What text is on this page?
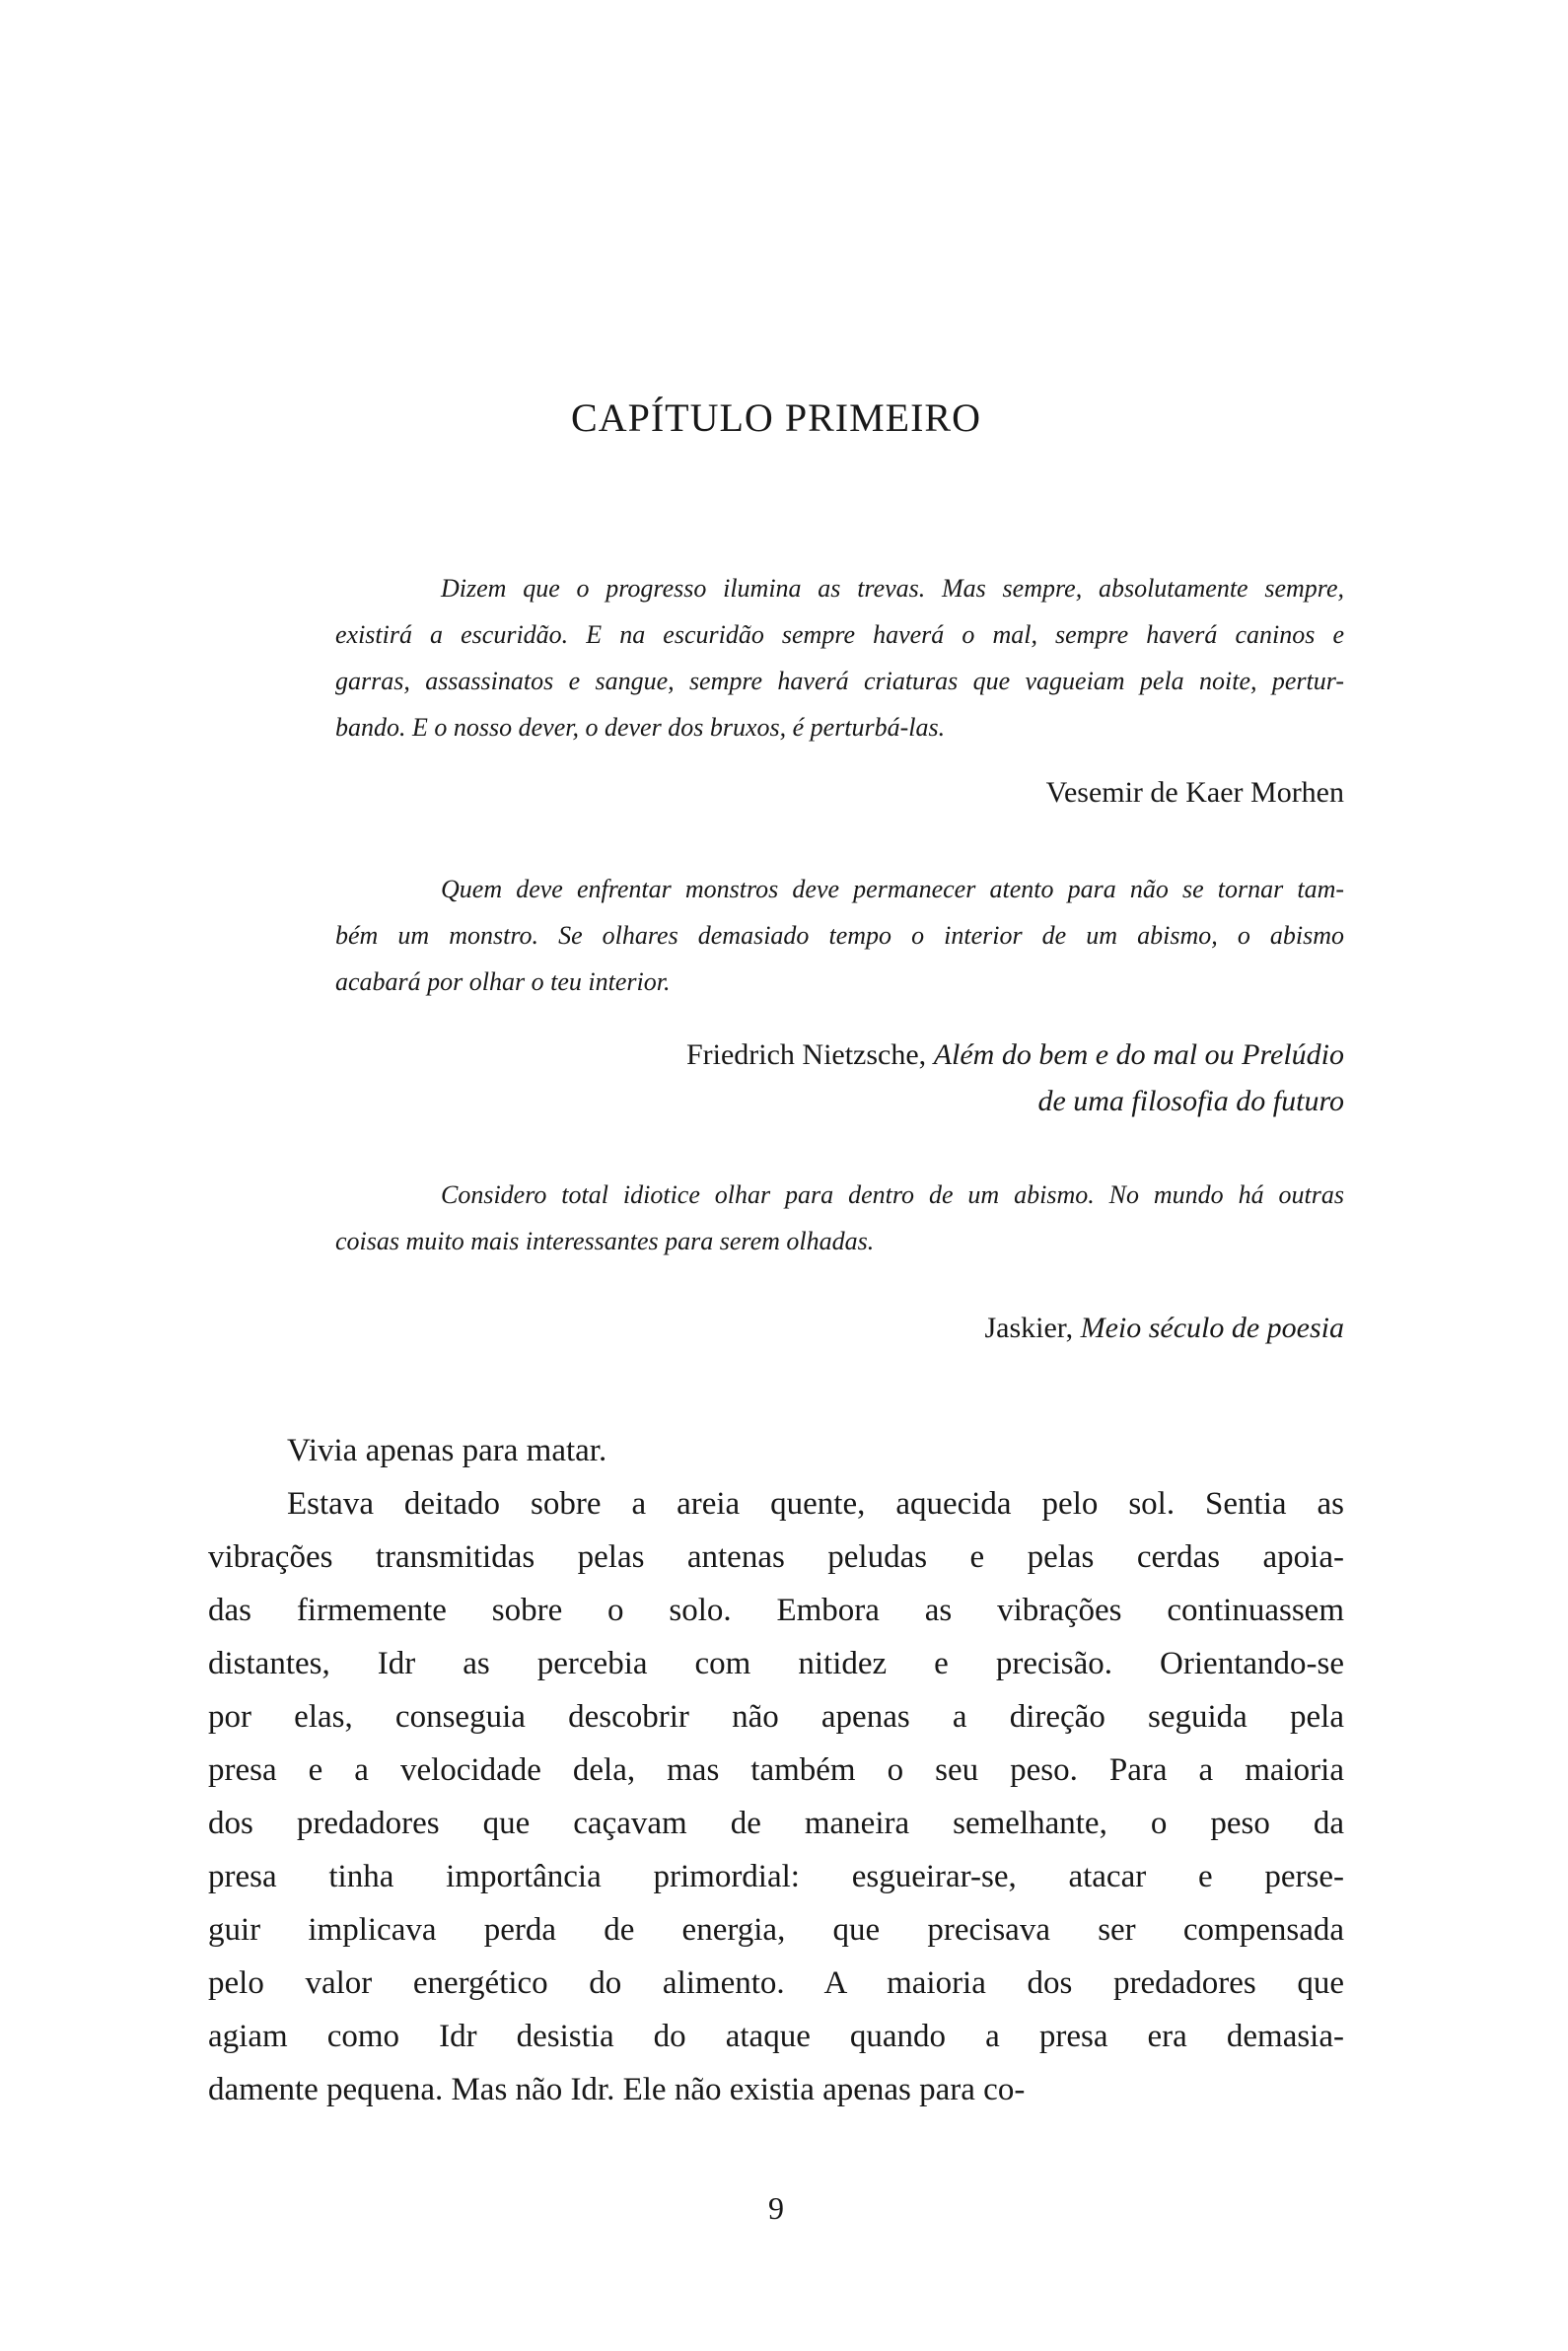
CAPÍTULO PRIMEIRO
Dizem que o progresso ilumina as trevas. Mas sempre, absolutamente sempre,
existirá a escuridão. E na escuridão sempre haverá o mal, sempre haverá caninos e
garras, assassinatos e sangue, sempre haverá criaturas que vagueiam pela noite, pertur-
bando. E o nosso dever, o dever dos bruxos, é perturbá-las.
Vesemir de Kaer Morhen
Quem deve enfrentar monstros deve permanecer atento para não se tornar tam-
bém um monstro. Se olhares demasiado tempo o interior de um abismo, o abismo
acabará por olhar o teu interior.
Friedrich Nietzsche, Além do bem e do mal ou Prelúdio
de uma filosofia do futuro
Considero total idiotice olhar para dentro de um abismo. No mundo há outras
coisas muito mais interessantes para serem olhadas.
Jaskier, Meio século de poesia
Vivia apenas para matar.
Estava deitado sobre a areia quente, aquecida pelo sol. Sentia as
vibrações transmitidas pelas antenas peludas e pelas cerdas apoia-
das firmemente sobre o solo. Embora as vibrações continuassem
distantes, Idr as percebia com nitidez e precisão. Orientando-se
por elas, conseguia descobrir não apenas a direção seguida pela
presa e a velocidade dela, mas também o seu peso. Para a maioria
dos predadores que caçavam de maneira semelhante, o peso da
presa tinha importância primordial: esgueirar-se, atacar e perse-
guir implicava perda de energia, que precisava ser compensada
pelo valor energético do alimento. A maioria dos predadores que
agiam como Idr desistia do ataque quando a presa era demasia-
damente pequena. Mas não Idr. Ele não existia apenas para co-
9
